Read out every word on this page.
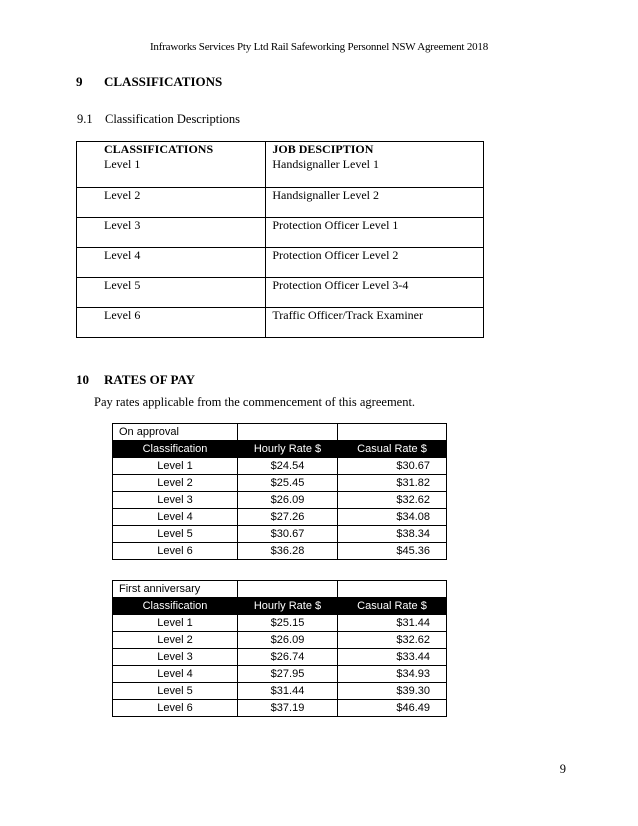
Infraworks Services Pty Ltd Rail Safeworking Personnel NSW Agreement 2018
9 CLASSIFICATIONS
9.1 Classification Descriptions
CLASSIFICATIONS	JOB DESCIPTION
Level 1	Handsignaller Level 1
Level 2	Handsignaller Level 2
Level 3	Protection Officer Level 1
Level 4	Protection Officer Level 2
Level 5	Protection Officer Level 3-4
Level 6	Traffic Officer/Track Examiner
10 RATES OF PAY
Pay rates applicable from the commencement of this agreement.
On approval		
Classification	Hourly Rate $	Casual Rate $
Level 1	$24.54	$30.67
Level 2	$25.45	$31.82
Level 3	$26.09	$32.62
Level 4	$27.26	$34.08
Level 5	$30.67	$38.34
Level 6	$36.28	$45.36
First anniversary		
Classification	Hourly Rate $	Casual Rate $
Level 1	$25.15	$31.44
Level 2	$26.09	$32.62
Level 3	$26.74	$33.44
Level 4	$27.95	$34.93
Level 5	$31.44	$39.30
Level 6	$37.19	$46.49
9
